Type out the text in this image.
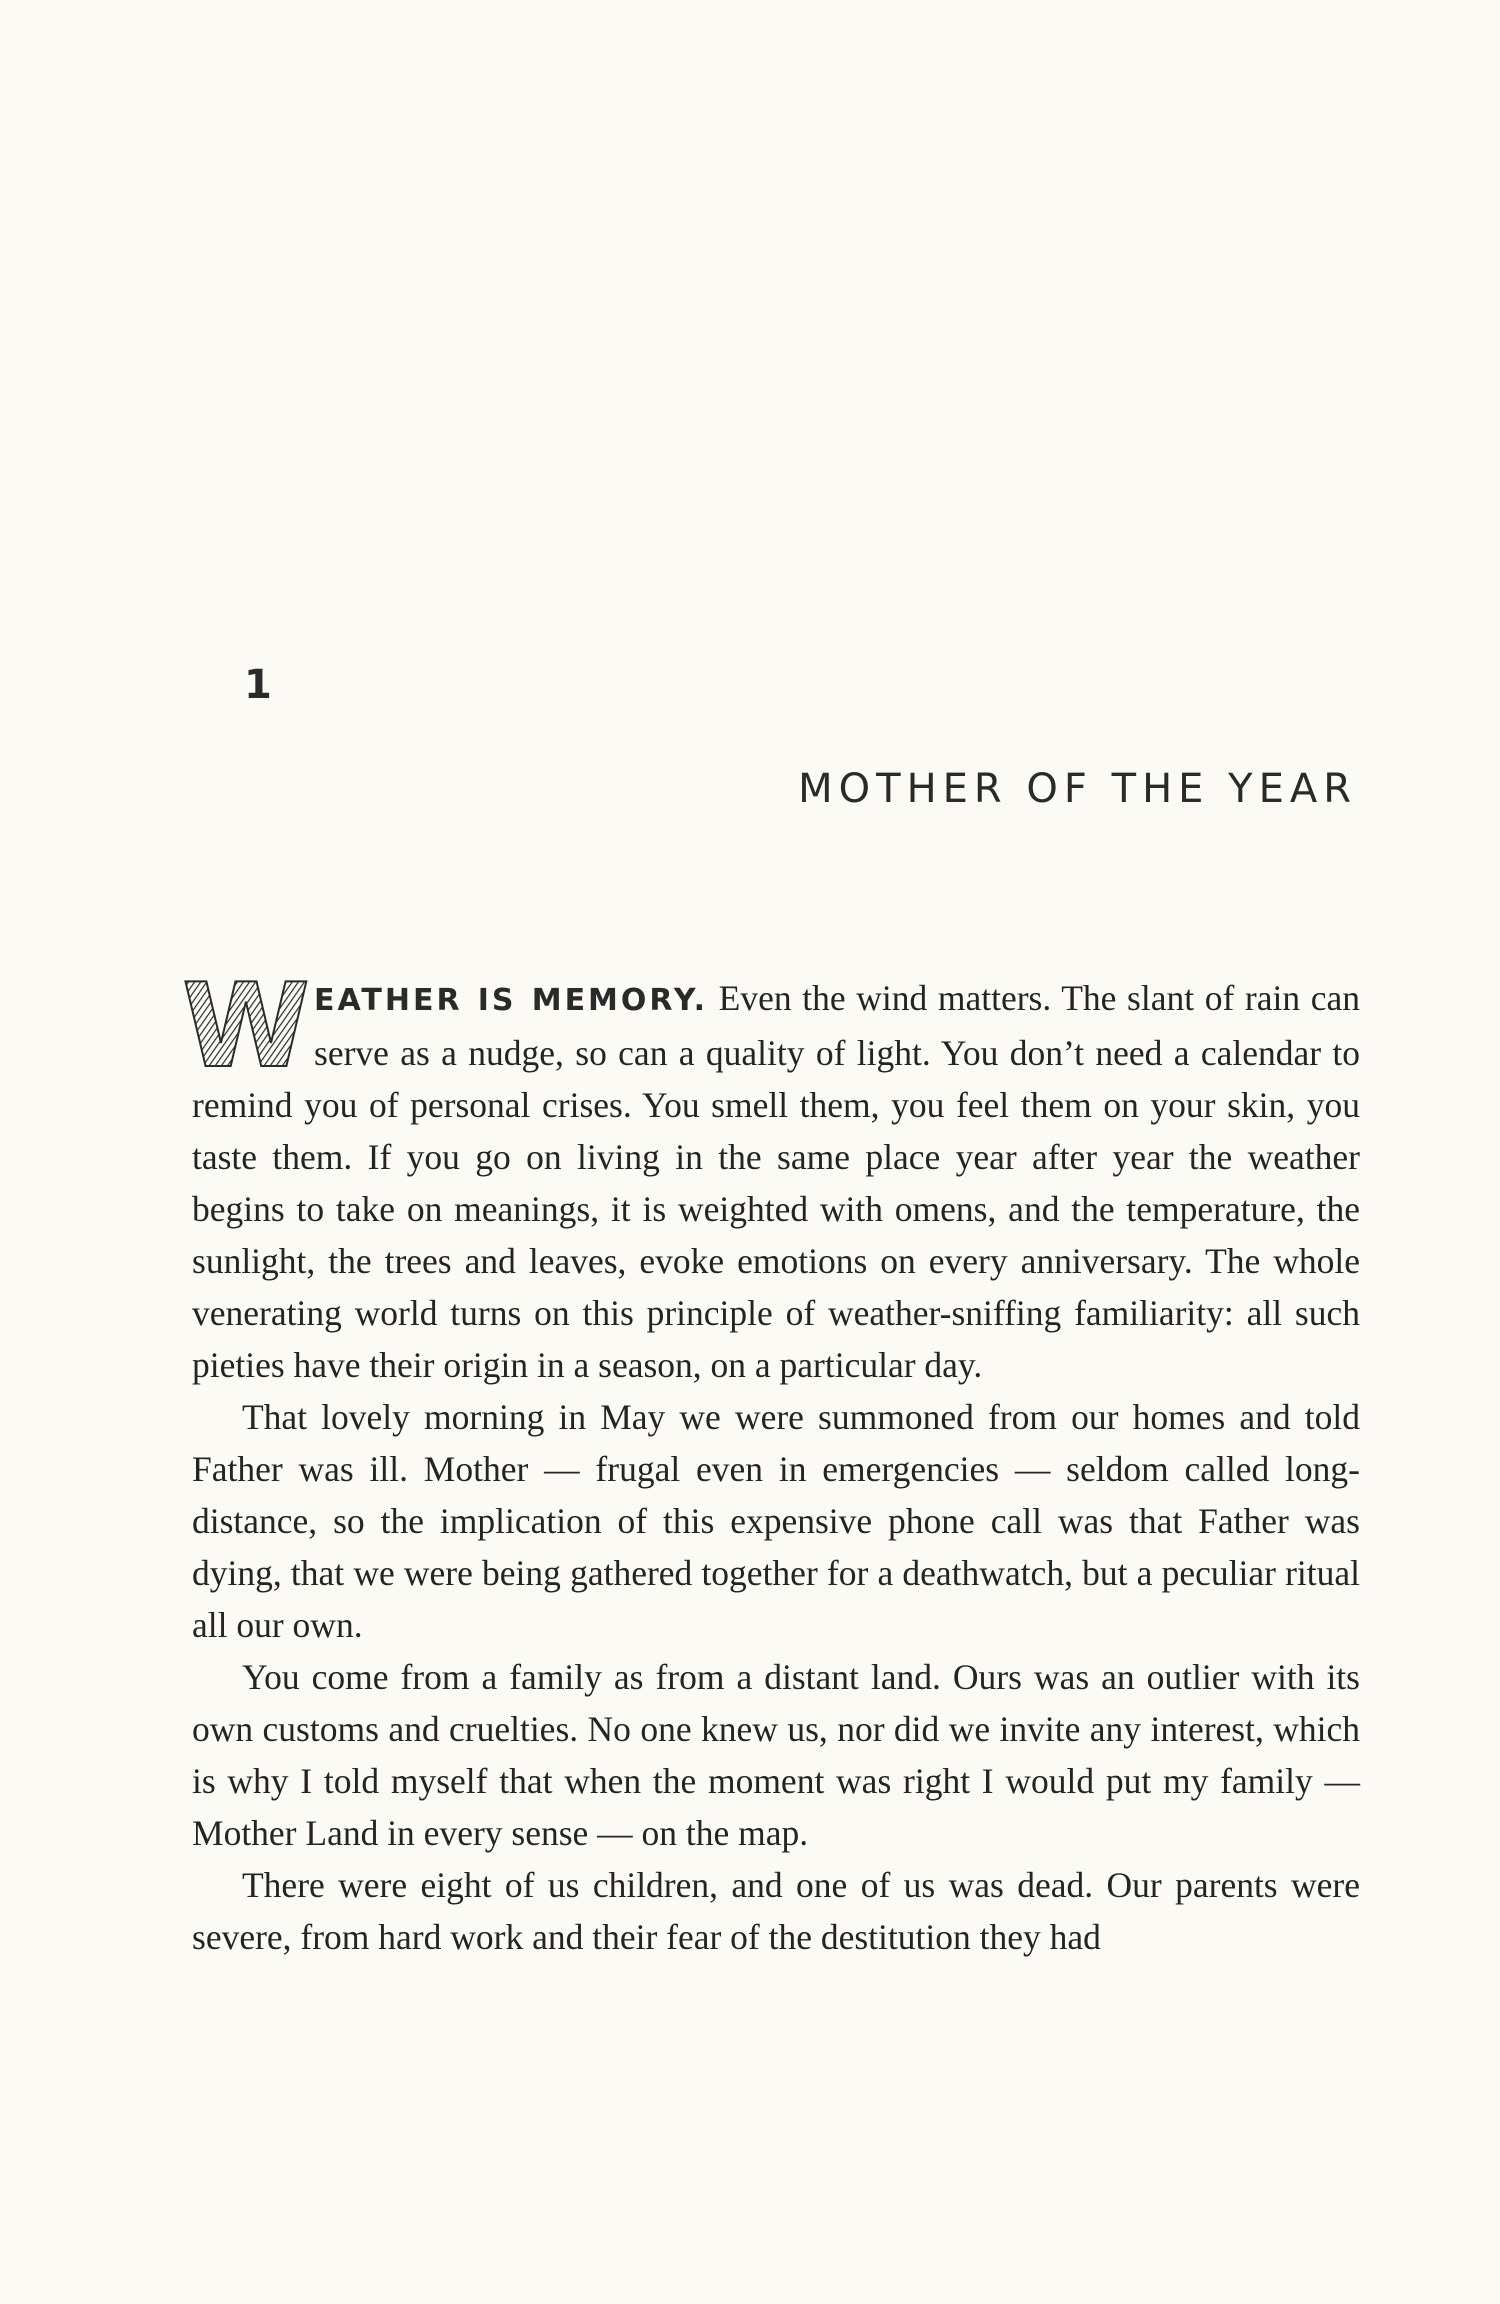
1
MOTHER OF THE YEAR

W EATHER IS MEMORY. Even the wind matters. The slant of rain can serve as a nudge, so can a quality of light. You don’t need a calendar to remind you of personal crises. You smell them, you feel them on your skin, you taste them. If you go on living in the same place year after year the weather begins to take on meanings, it is weighted with omens, and the temperature, the sunlight, the trees and leaves, evoke emotions on every anniversary. The whole venerating world turns on this principle of weather-sniffing familiarity: all such pieties have their origin in a season, on a particular day.

That lovely morning in May we were summoned from our homes and told Father was ill. Mother — frugal even in emergencies — seldom called long-distance, so the implication of this expensive phone call was that Father was dying, that we were being gathered together for a deathwatch, but a peculiar ritual all our own.

You come from a family as from a distant land. Ours was an outlier with its own customs and cruelties. No one knew us, nor did we invite any interest, which is why I told myself that when the moment was right I would put my family — Mother Land in every sense — on the map.

There were eight of us children, and one of us was dead. Our parents were severe, from hard work and their fear of the destitution they had
